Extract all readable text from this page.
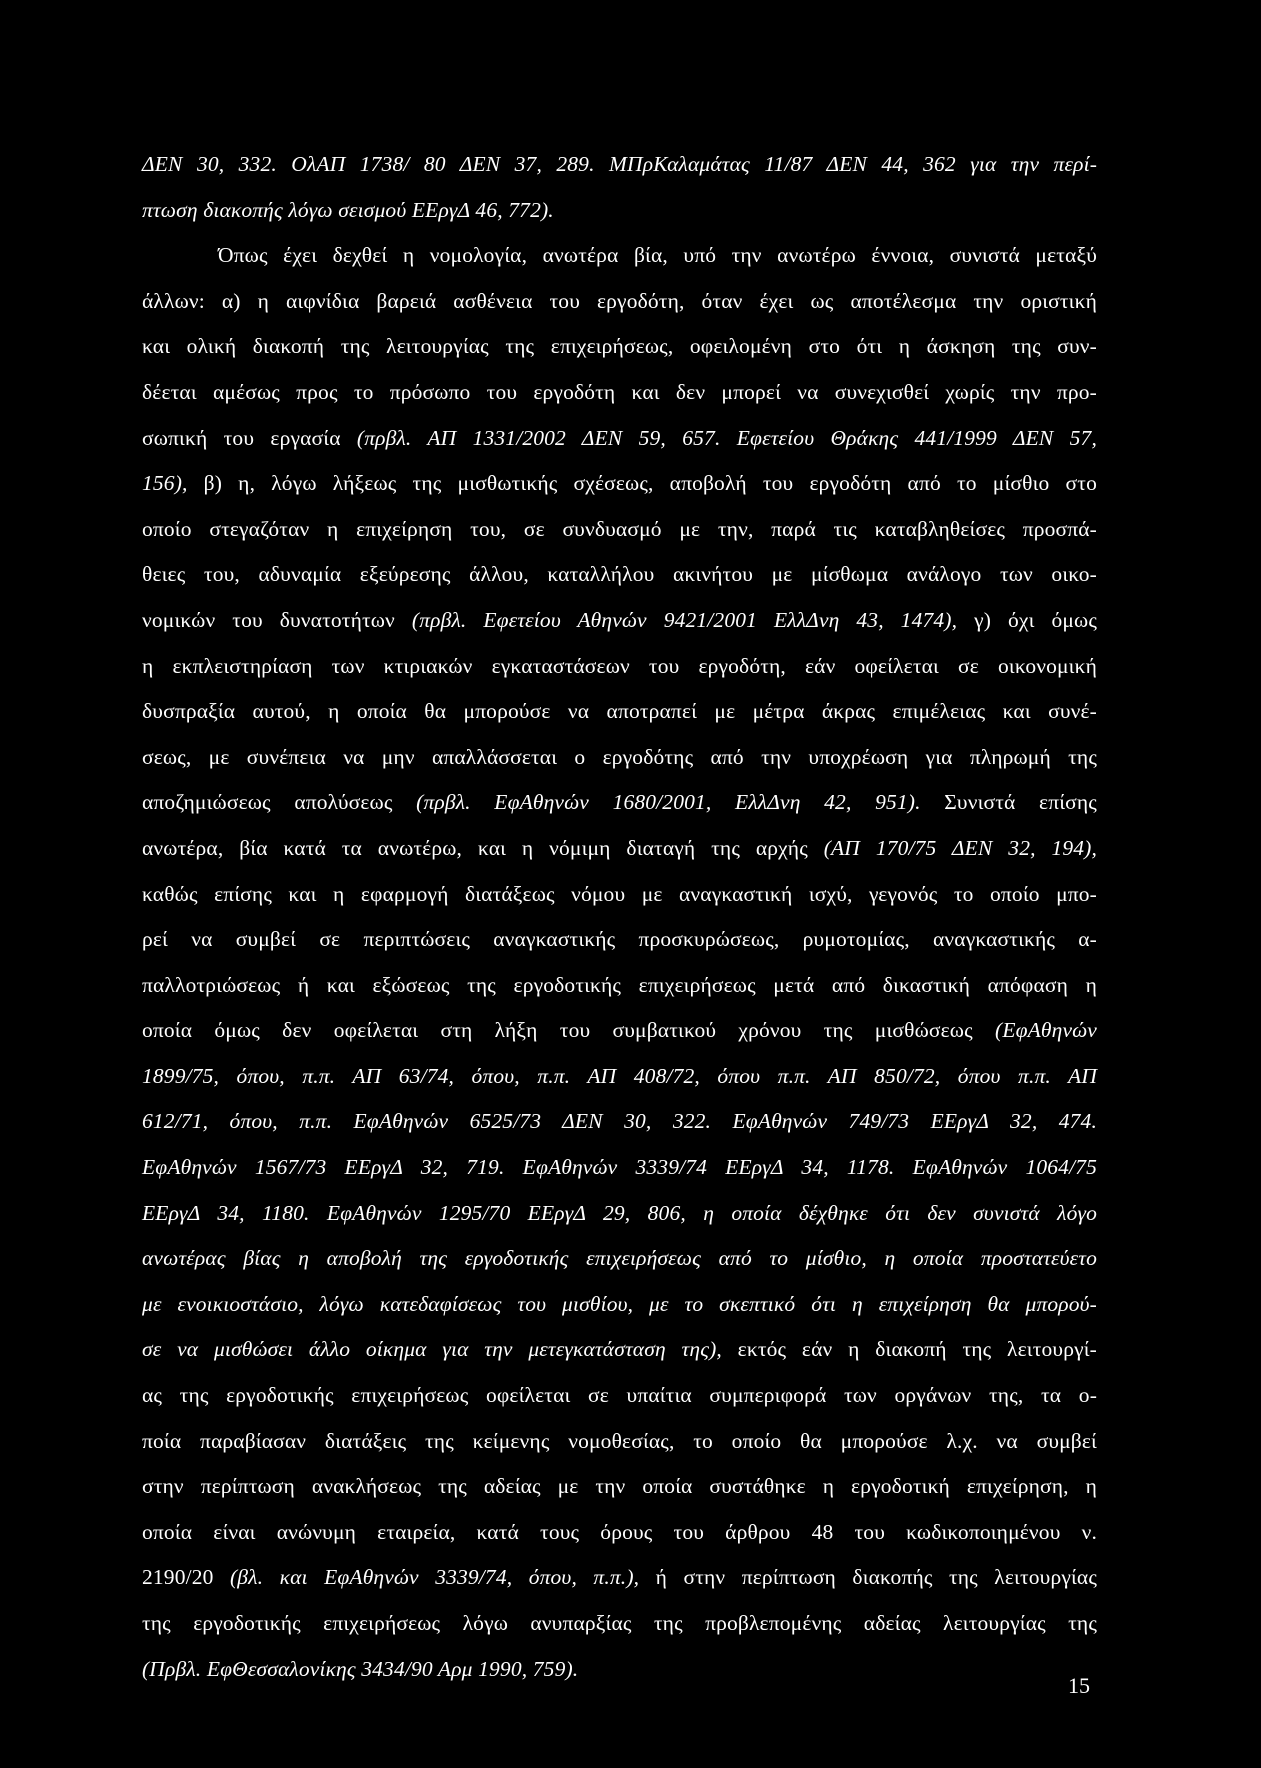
ΔΕΝ 30, 332. ΟλΑΠ 1738/ 80 ΔΕΝ 37, 289. ΜΠρΚαλαμάτας 11/87 ΔΕΝ 44, 362 για την περί-
πτωση διακοπής λόγω σεισμού ΕΕργΔ 46, 772).
Όπως έχει δεχθεί η νομολογία, ανωτέρα βία, υπό την ανωτέρω έννοια, συνιστά μεταξύ
άλλων: α) η αιφνίδια βαρειά ασθένεια του εργοδότη, όταν έχει ως αποτέλεσμα την οριστική
και ολική διακοπή της λειτουργίας της επιχειρήσεως, οφειλομένη στο ότι η άσκηση της συν-
δέεται αμέσως προς το πρόσωπο του εργοδότη και δεν μπορεί να συνεχισθεί χωρίς την προ-
σωπική του εργασία (πρβλ. ΑΠ 1331/2002 ΔΕΝ 59, 657. Εφετείου Θράκης 441/1999 ΔΕΝ 57,
156), β) η, λόγω λήξεως της μισθωτικής σχέσεως, αποβολή του εργοδότη από το μίσθιο στο
οποίο στεγαζόταν η επιχείρηση του, σε συνδυασμό με την, παρά τις καταβληθείσες προσπά-
θειες του, αδυναμία εξεύρεσης άλλου, καταλλήλου ακινήτου με μίσθωμα ανάλογο των οικο-
νομικών του δυνατοτήτων (πρβλ. Εφετείου Αθηνών 9421/2001 ΕλλΔνη 43, 1474), γ) όχι όμως
η εκπλειστηρίαση των κτιριακών εγκαταστάσεων του εργοδότη, εάν οφείλεται σε οικονομική
δυσπραξία αυτού, η οποία θα μπορούσε να αποτραπεί με μέτρα άκρας επιμέλειας και συνέ-
σεως, με συνέπεια να μην απαλλάσσεται ο εργοδότης από την υποχρέωση για πληρωμή της
αποζημιώσεως απολύσεως (πρβλ. ΕφΑθηνών 1680/2001, ΕλλΔνη 42, 951). Συνιστά επίσης
ανωτέρα, βία κατά τα ανωτέρω, και η νόμιμη διαταγή της αρχής (ΑΠ 170/75 ΔΕΝ 32, 194),
καθώς επίσης και η εφαρμογή διατάξεως νόμου με αναγκαστική ισχύ, γεγονός το οποίο μπο-
ρεί να συμβεί σε περιπτώσεις αναγκαστικής προσκυρώσεως, ρυμοτομίας, αναγκαστικής α-
παλλοτριώσεως ή και εξώσεως της εργοδοτικής επιχειρήσεως μετά από δικαστική απόφαση η
οποία όμως δεν οφείλεται στη λήξη του συμβατικού χρόνου της μισθώσεως (ΕφΑθηνών
1899/75, όπου, π.π. ΑΠ 63/74, όπου, π.π. ΑΠ 408/72, όπου π.π. ΑΠ 850/72, όπου π.π. ΑΠ
612/71, όπου, π.π. ΕφΑθηνών 6525/73 ΔΕΝ 30, 322. ΕφΑθηνών 749/73 ΕΕργΔ 32, 474.
ΕφΑθηνών 1567/73 ΕΕργΔ 32, 719. ΕφΑθηνών 3339/74 ΕΕργΔ 34, 1178. ΕφΑθηνών 1064/75
ΕΕργΔ 34, 1180. ΕφΑθηνών 1295/70 ΕΕργΔ 29, 806, η οποία δέχθηκε ότι δεν συνιστά λόγο
ανωτέρας βίας η αποβολή της εργοδοτικής επιχειρήσεως από το μίσθιο, η οποία προστατεύετο
με ενοικιοστάσιο, λόγω κατεδαφίσεως του μισθίου, με το σκεπτικό ότι η επιχείρηση θα μπορού-
σε να μισθώσει άλλο οίκημα για την μετεγκατάσταση της), εκτός εάν η διακοπή της λειτουργί-
ας της εργοδοτικής επιχειρήσεως οφείλεται σε υπαίτια συμπεριφορά των οργάνων της, τα ο-
ποία παραβίασαν διατάξεις της κείμενης νομοθεσίας, το οποίο θα μπορούσε λ.χ. να συμβεί
στην περίπτωση ανακλήσεως της αδείας με την οποία συστάθηκε η εργοδοτική επιχείρηση, η
οποία είναι ανώνυμη εταιρεία, κατά τους όρους του άρθρου 48 του κωδικοποιημένου ν.
2190/20 (βλ. και ΕφΑθηνών 3339/74, όπου, π.π.), ή στην περίπτωση διακοπής της λειτουργίας
της εργοδοτικής επιχειρήσεως λόγω ανυπαρξίας της προβλεπομένης αδείας λειτουργίας της
(Πρβλ. ΕφΘεσσαλονίκης 3434/90 Αρμ 1990, 759).
15
